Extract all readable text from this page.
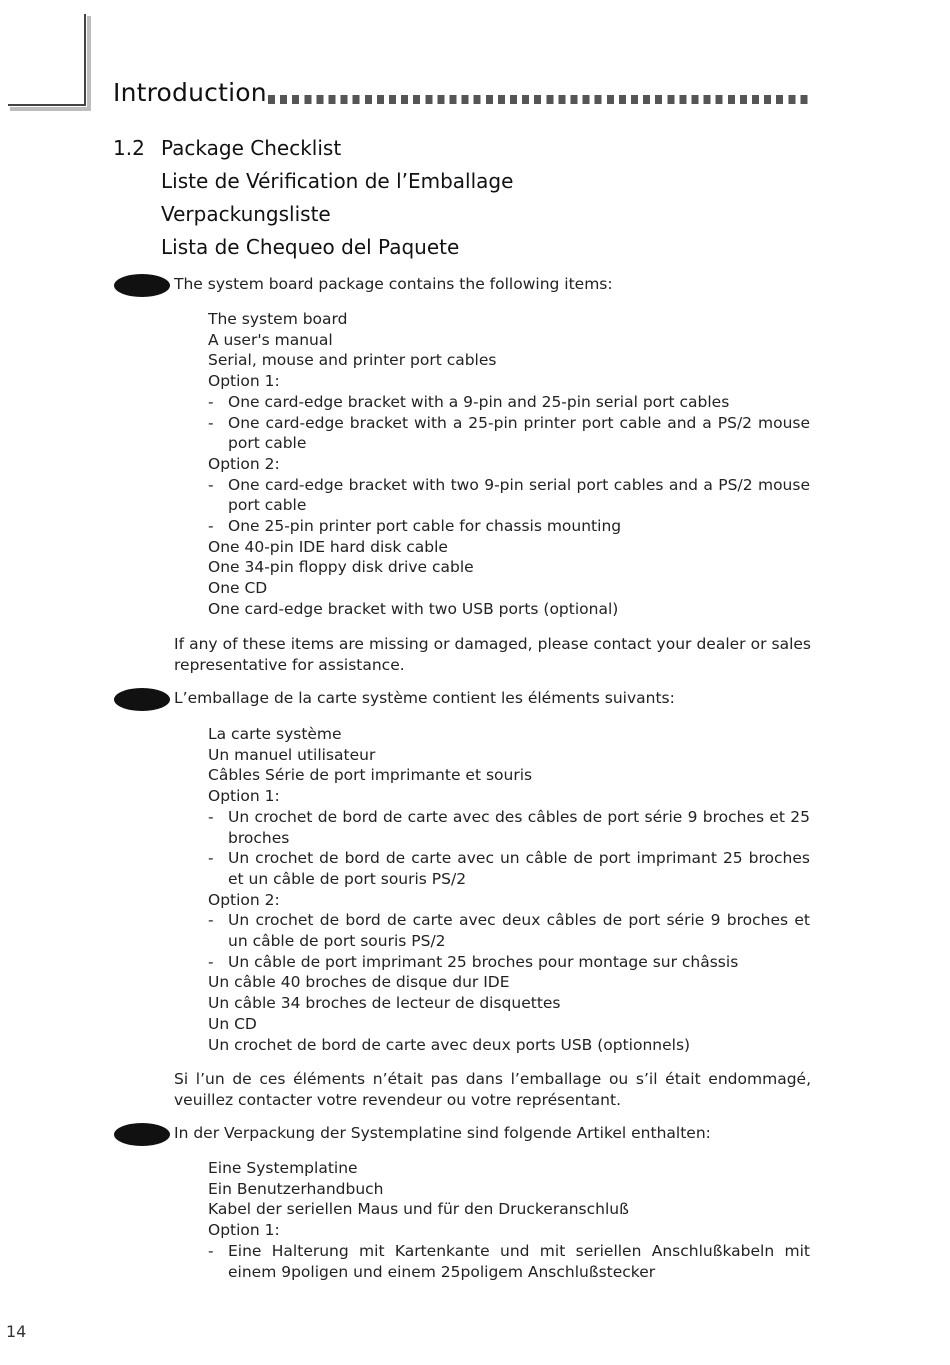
Introduction
1.2 Package Checklist
Liste de Vérification de l’Emballage
Verpackungsliste
Lista de Chequeo del Paquete
The system board package contains the following items:
The system board
A user's manual
Serial, mouse and printer port cables
Option 1:
- One card-edge bracket with a 9-pin and 25-pin serial port cables
- One card-edge bracket with a 25-pin printer port cable and a PS/2 mouse port cable
Option 2:
- One card-edge bracket with two 9-pin serial port cables and a PS/2 mouse port cable
- One 25-pin printer port cable for chassis mounting
One 40-pin IDE hard disk cable
One 34-pin floppy disk drive cable
One CD
One card-edge bracket with two USB ports (optional)
If any of these items are missing or damaged, please contact your dealer or sales representative for assistance.
L’emballage de la carte système contient les éléments suivants:
La carte système
Un manuel utilisateur
Câbles Série de port imprimante et souris
Option 1:
- Un crochet de bord de carte avec des câbles de port série 9 broches et 25 broches
- Un crochet de bord de carte avec un câble de port imprimant 25 broches et un câble de port souris PS/2
Option 2:
- Un crochet de bord de carte avec deux câbles de port série 9 broches et un câble de port souris PS/2
- Un câble de port imprimant 25 broches pour montage sur châssis
Un câble 40 broches de disque dur IDE
Un câble 34 broches de lecteur de disquettes
Un CD
Un crochet de bord de carte avec deux ports USB (optionnels)
Si l’un de ces éléments n’était pas dans l’emballage ou s’il était endommagé, veuillez contacter votre revendeur ou votre représentant.
In der Verpackung der Systemplatine sind folgende Artikel enthalten:
Eine Systemplatine
Ein Benutzerhandbuch
Kabel der seriellen Maus und für den Druckeranschluß
Option 1:
- Eine Halterung mit Kartenkante und mit seriellen Anschlußkabeln mit einem 9poligen und einem 25poligem Anschlußstecker
14
